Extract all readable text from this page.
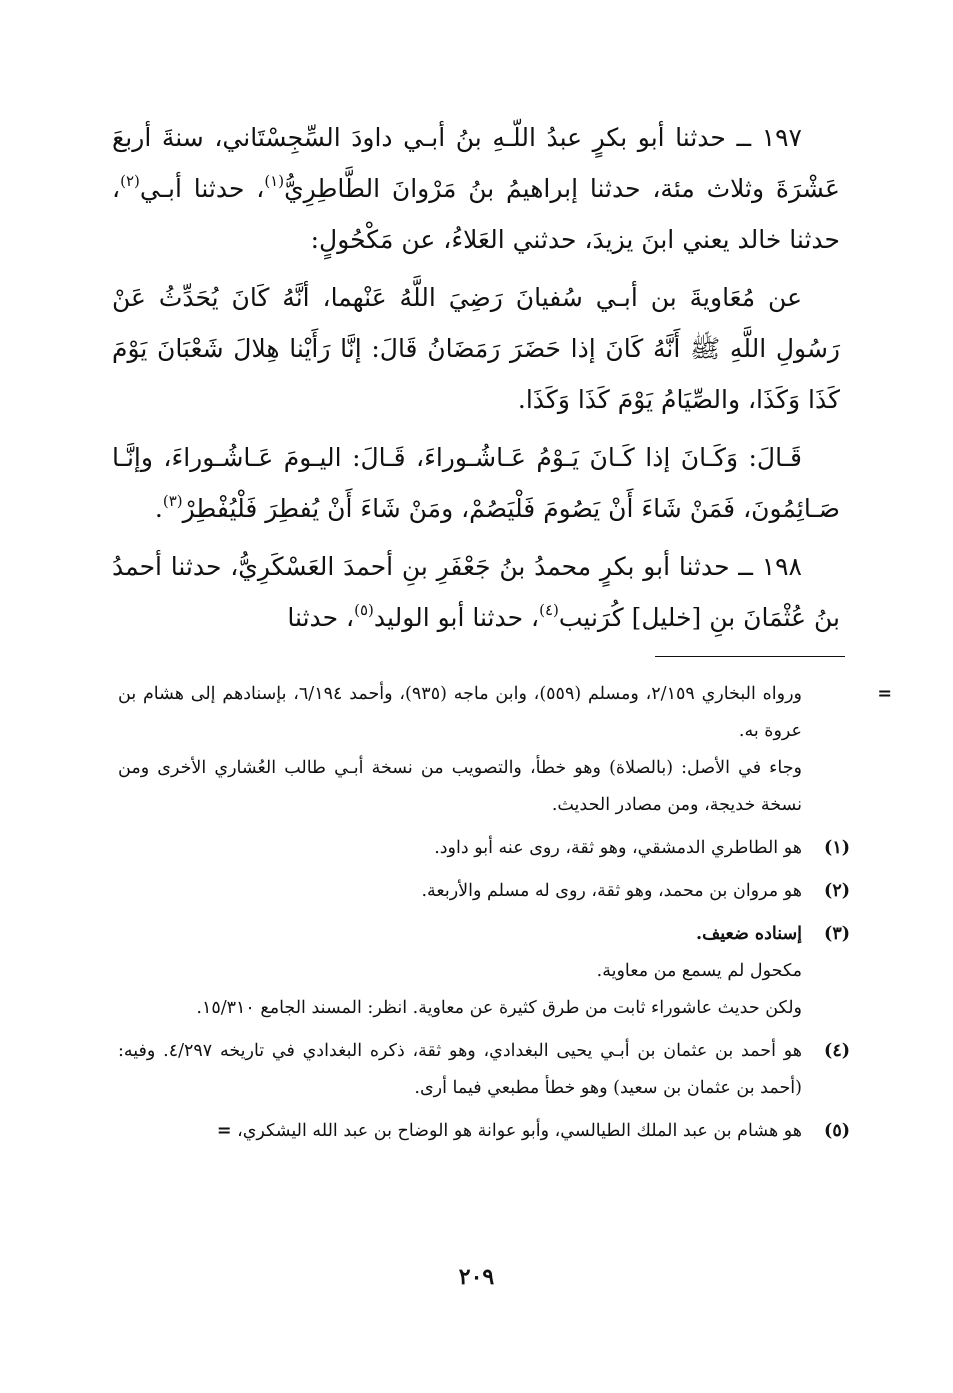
١٩٧ ــ حدثنا أبو بكرٍ عبدُ اللّـهِ بنُ أبـي داودَ السِّجِسْتَاني، سنةَ أربعَ عَشْرَةَ وثلاث مئة، حدثنا إبراهيمُ بنُ مَرْوانَ الطَّاطِرِيُّ$^{(١)}$، حدثنا أبـي$^{(٢)}$، حدثنا خالد يعني ابنَ يزيدَ، حدثني العَلاءُ، عن مَكْحُولٍ:

عن مُعَاويةَ بن أبـي سُفيانَ رَضِيَ اللَّهُ عَنْهما، أنَّهُ كَانَ يُحَدِّثُ عَنْ رَسُولِ اللَّهِ ﷺ أَنَّهُ كَانَ إذا حَضَرَ رَمَضَانُ قَالَ: إنَّا رَأَيْنا هِلالَ شَعْبَانَ يَوْمَ كَذَا وَكَذَا، والصِّيَامُ يَوْمَ كَذَا وَكَذَا.

قَـالَ: وَكَـانَ إذا كَـانَ يَـوْمُ عَـاشُـوراءَ، قَـالَ: اليـومَ عَـاشُـوراءَ، وإنَّـا صَـائِمُونَ، فَمَنْ شَاءَ أَنْ يَصُومَ فَلْيَصُمْ، ومَنْ شَاءَ أَنْ يُفطِرَ فَلْيُفْطِرْ$^{(٣)}$.

١٩٨ ــ حدثنا أبو بكرٍ محمدُ بنُ جَعْفَرِ بنِ أحمدَ العَسْكَرِيُّ، حدثنا أحمدُ بنُ عُثْمَانَ بنِ [خليل] كُرَنيب$^{(٤)}$، حدثنا أبو الوليد$^{(٥)}$، حدثنا

=
ورواه البخاري ٢/١٥٩، ومسلم (٥٥٩)، وابن ماجه (٩٣٥)، وأحمد ٦/١٩٤، بإسنادهم إلى هشام بن عروة به.
وجاء في الأصل: (بالصلاة) وهو خطأ، والتصويب من نسخة أبـي طالب العُشاري الأخرى ومن نسخة خديجة، ومن مصادر الحديث.
(١)
هو الطاطري الدمشقي، وهو ثقة، روى عنه أبو داود.
(٢)
هو مروان بن محمد، وهو ثقة، روى له مسلم والأربعة.
(٣)
إسناده ضعيف.
مكحول لم يسمع من معاوية.
ولكن حديث عاشوراء ثابت من طرق كثيرة عن معاوية. انظر: المسند الجامع ١٥/٣١٠.
(٤)
هو أحمد بن عثمان بن أبـي يحيى البغدادي، وهو ثقة، ذكره البغدادي في تاريخه ٤/٢٩٧. وفيه: (أحمد بن عثمان بن سعيد) وهو خطأ مطبعي فيما أرى.
(٥)
هو هشام بن عبد الملك الطيالسي، وأبو عوانة هو الوضاح بن عبد الله اليشكري، =
٢٠٩
